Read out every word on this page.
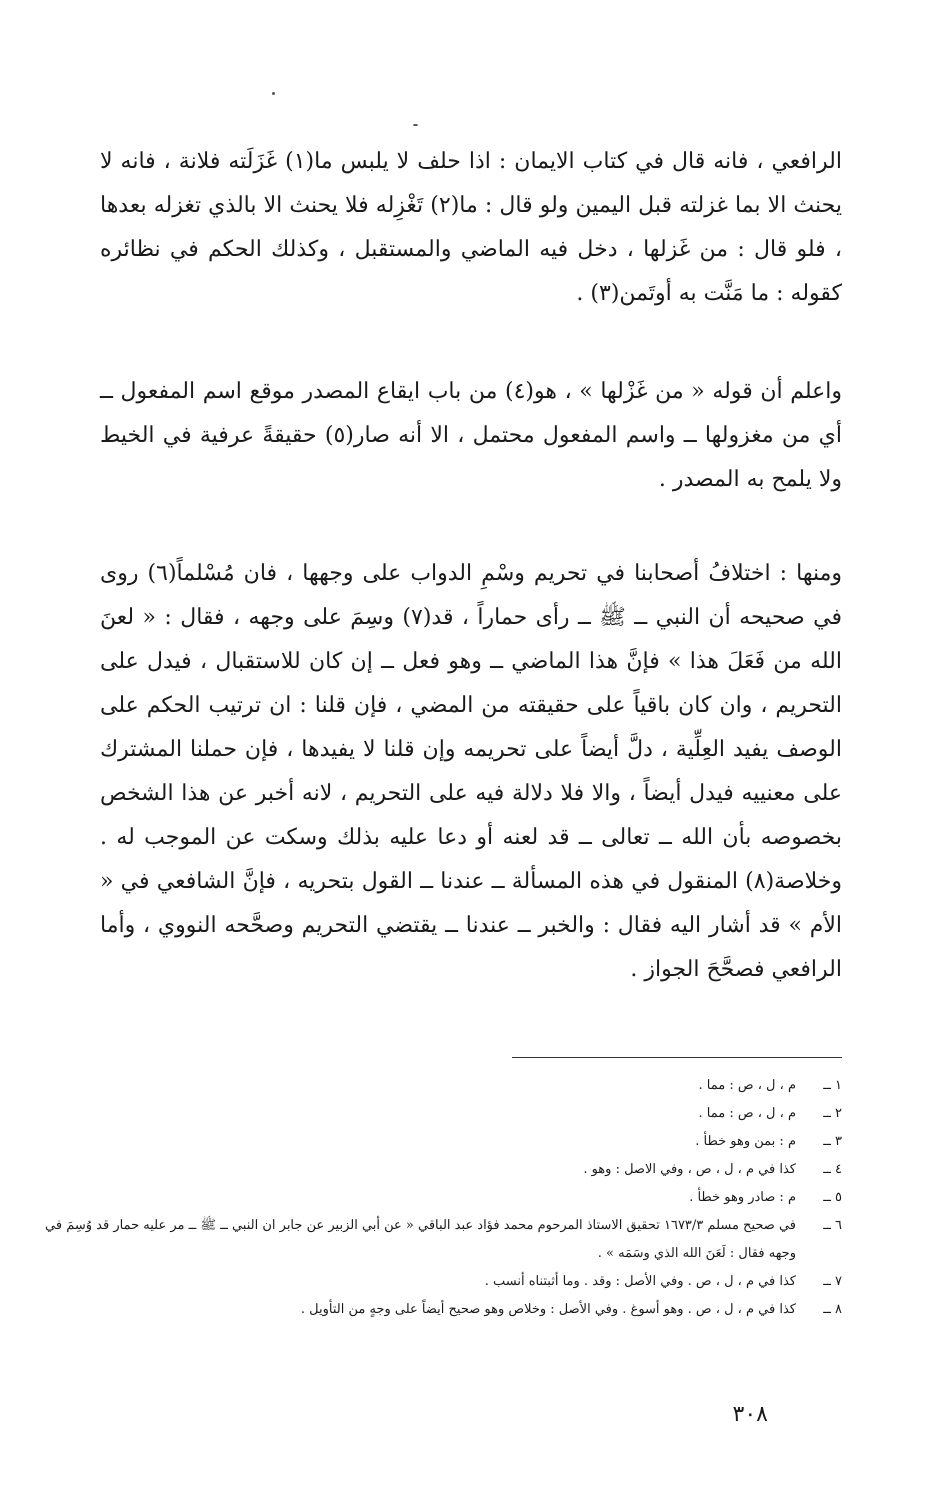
الرافعي ، فانه قال في كتاب الايمان : اذا حلف لا يلبس ما(١) غَزَلَته فلانة ، فانه لا يحنث الا بما غزلته قبل اليمين ولو قال : ما(٢) تَغْزِله فلا يحنث الا بالذي تغزله بعدها ، فلو قال : من غَزلها ، دخل فيه الماضي والمستقبل ، وكذلك الحكم في نظائره كقوله : ما مَنَّت به أوتَمن(٣) .

واعلم أن قوله « من غَزْلها » ، هو(٤) من باب ايقاع المصدر موقع اسم المفعول ــ أي من مغزولها ــ واسم المفعول محتمل ، الا أنه صار(٥) حقيقةً عرفية في الخيط ولا يلمح به المصدر .

ومنها : اختلافُ أصحابنا في تحريم وسْمِ الدواب على وجهها ، فان مُسْلماً(٦) روى في صحيحه أن النبي ــ ﷺ ــ رأى حماراً ، قد(٧) وسِمَ على وجهه ، فقال : « لعنَ الله من فَعَلَ هذا » فإنَّ هذا الماضي ــ وهو فعل ــ إن كان للاستقبال ، فيدل على التحريم ، وان كان باقياً على حقيقته من المضي ، فإن قلنا : ان ترتيب الحكم على الوصف يفيد العِلِّية ، دلَّ أيضاً على تحريمه وإن قلنا لا يفيدها ، فإن حملنا المشترك على معنييه فيدل أيضاً ، والا فلا دلالة فيه على التحريم ، لانه أخبر عن هذا الشخص بخصوصه بأن الله ــ تعالى ــ قد لعنه أو دعا عليه بذلك وسكت عن الموجب له . وخلاصة(٨) المنقول في هذه المسألة ــ عندنا ــ القول بتحريه ، فإنَّ الشافعي في « الأم » قد أشار اليه فقال : والخبر ــ عندنا ــ يقتضي التحريم وصحَّحه النووي ، وأما الرافعي فصحَّحَ الجواز .

١ ــ
م ، ل ، ص : مما .
٢ ــ
م ، ل ، ص : مما .
٣ ــ
م : بمن وهو خطأ .
٤ ــ
كذا في م ، ل ، ص ، وفي الاصل : وهو .
٥ ــ
م : صادر وهو خطأ .
٦ ــ
في صحيح مسلم ١٦٧٣/٣ تحقيق الاستاذ المرحوم محمد فؤاد عبد الباقي « عن أبي الزبير عن جابر ان النبي ــ ﷺ ــ مر عليه حمار قد وُسِمَ في وجهه فقال : لَعَنَ الله الذي وسَمَه » .
٧ ــ
كذا في م ، ل ، ص . وفي الأصل : وقد . وما أثبتناه أنسب .
٨ ــ
كذا في م ، ل ، ص . وهو أسوغ . وفي الأصل : وخلاص وهو صحيح أيضاً على وجهٍ من التأويل .
٣٠٨
